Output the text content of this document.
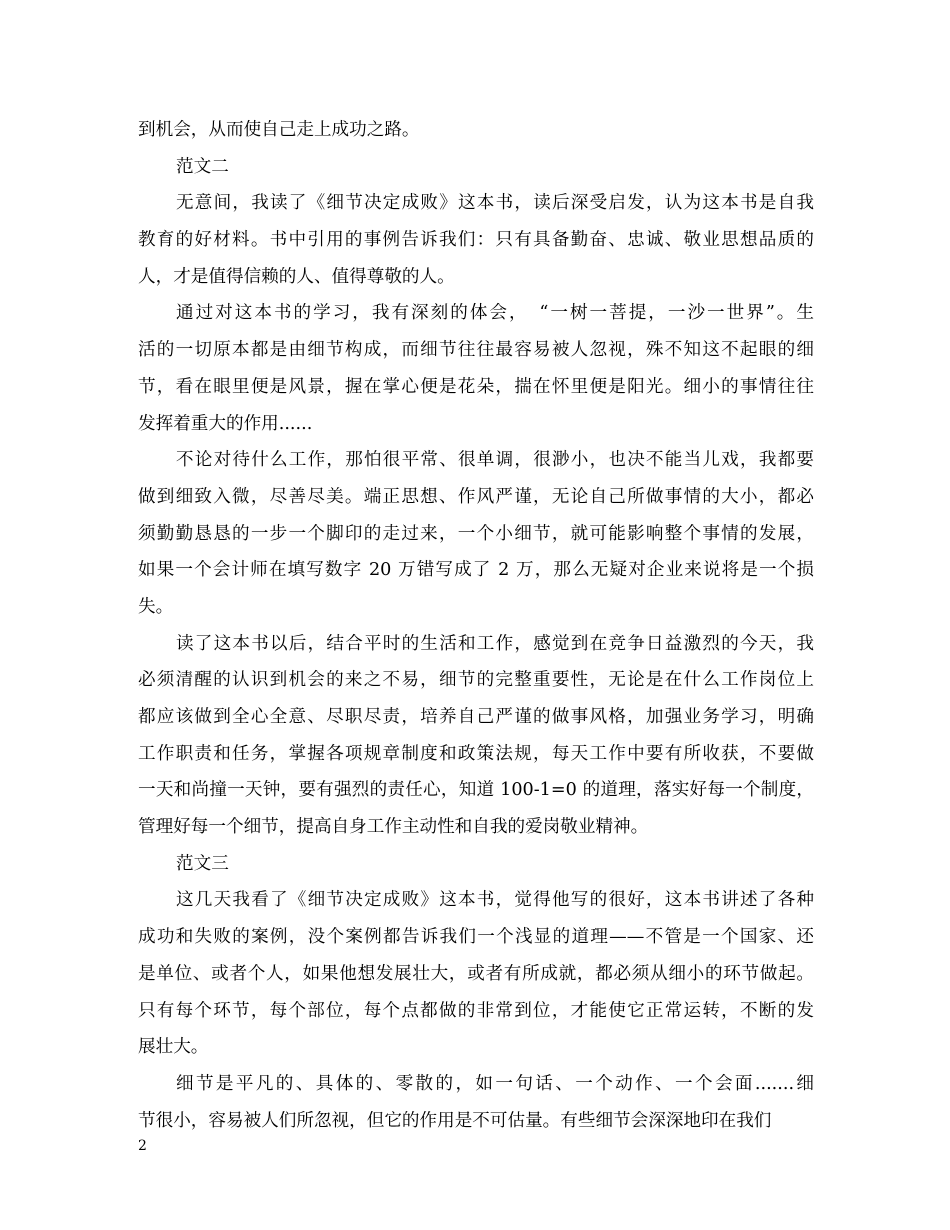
到机会，从而使自己走上成功之路。
范文二
无意间，我读了《细节决定成败》这本书，读后深受启发，认为这本书是自我
教育的好材料。书中引用的事例告诉我们：只有具备勤奋、忠诚、敬业思想品质的
人，才是值得信赖的人、值得尊敬的人。
通过对这本书的学习，我有深刻的体会，　“一树一菩提，一沙一世界”。生
活的一切原本都是由细节构成，而细节往往最容易被人忽视，殊不知这不起眼的细
节，看在眼里便是风景，握在掌心便是花朵，揣在怀里便是阳光。细小的事情往往
发挥着重大的作用......
不论对待什么工作，那怕很平常、很单调，很渺小，也决不能当儿戏，我都要
做到细致入微，尽善尽美。端正思想、作风严谨，无论自己所做事情的大小，都必
须勤勤恳恳的一步一个脚印的走过来，一个小细节，就可能影响整个事情的发展，
如果一个会计师在填写数字 20 万错写成了 2 万，那么无疑对企业来说将是一个损
失。
读了这本书以后，结合平时的生活和工作，感觉到在竞争日益激烈的今天，我
必须清醒的认识到机会的来之不易，细节的完整重要性，无论是在什么工作岗位上
都应该做到全心全意、尽职尽责，培养自己严谨的做事风格，加强业务学习，明确
工作职责和任务，掌握各项规章制度和政策法规，每天工作中要有所收获，不要做
一天和尚撞一天钟，要有强烈的责任心，知道 100-1=0 的道理，落实好每一个制度，
管理好每一个细节，提高自身工作主动性和自我的爱岗敬业精神。
范文三
这几天我看了《细节决定成败》这本书，觉得他写的很好，这本书讲述了各种
成功和失败的案例，没个案例都告诉我们一个浅显的道理——不管是一个国家、还
是单位、或者个人，如果他想发展壮大，或者有所成就，都必须从细小的环节做起。
只有每个环节，每个部位，每个点都做的非常到位，才能使它正常运转，不断的发
展壮大。
细节是平凡的、具体的、零散的，如一句话、一个动作、一个会面.......细
节很小，容易被人们所忽视，但它的作用是不可估量。有些细节会深深地印在我们
2
